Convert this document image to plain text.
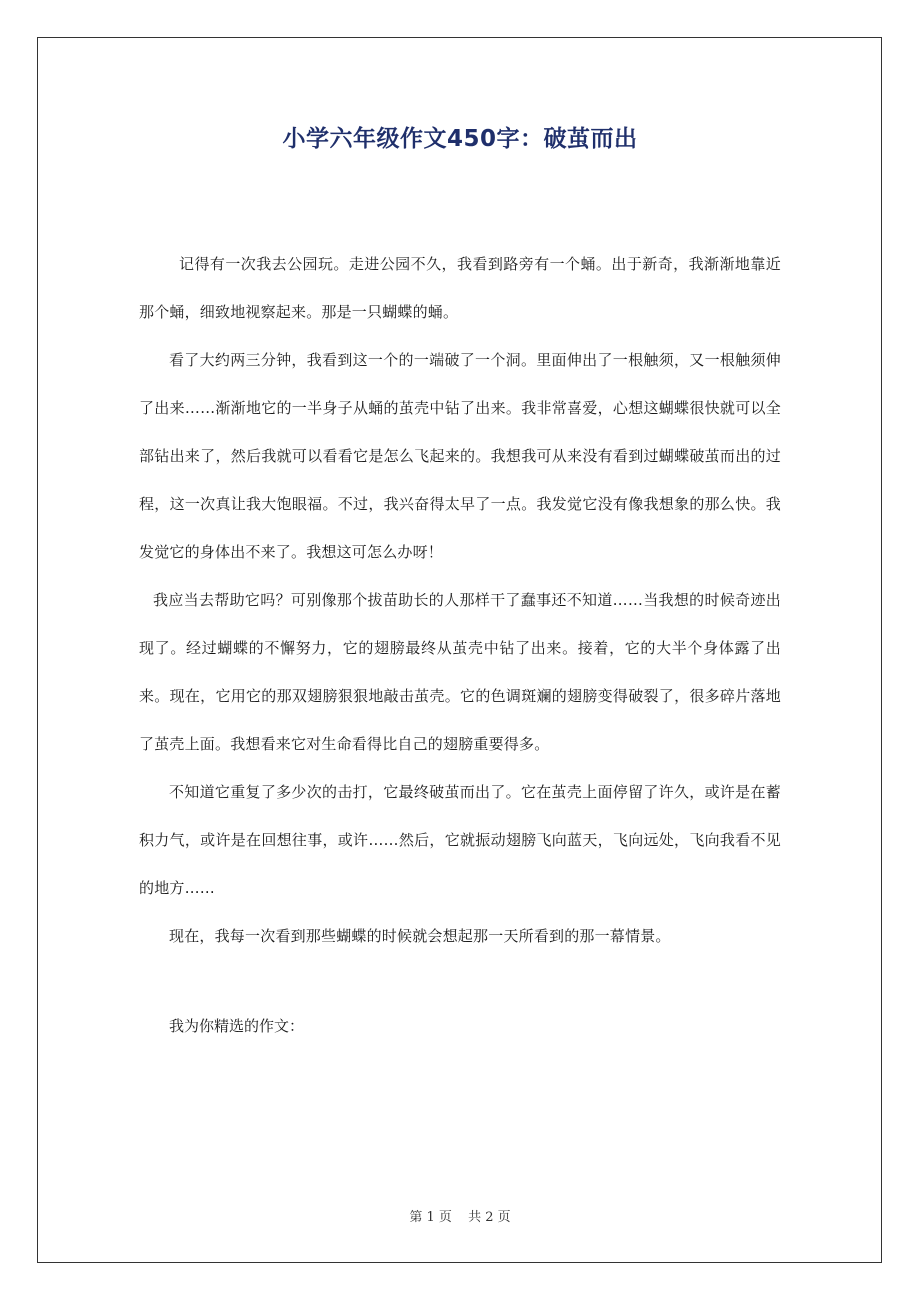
小学六年级作文450字：破茧而出

记得有一次我去公园玩。走进公园不久，我看到路旁有一个蛹。出于新奇，我渐渐地靠近那个蛹，细致地视察起来。那是一只蝴蝶的蛹。

看了大约两三分钟，我看到这一个的一端破了一个洞。里面伸出了一根触须，又一根触须伸了出来……渐渐地它的一半身子从蛹的茧壳中钻了出来。我非常喜爱，心想这蝴蝶很快就可以全部钻出来了，然后我就可以看看它是怎么飞起来的。我想我可从来没有看到过蝴蝶破茧而出的过程，这一次真让我大饱眼福。不过，我兴奋得太早了一点。我发觉它没有像我想象的那么快。我发觉它的身体出不来了。我想这可怎么办呀！

我应当去帮助它吗？可别像那个拔苗助长的人那样干了蠢事还不知道……当我想的时候奇迹出现了。经过蝴蝶的不懈努力，它的翅膀最终从茧壳中钻了出来。接着，它的大半个身体露了出来。现在，它用它的那双翅膀狠狠地敲击茧壳。它的色调斑斓的翅膀变得破裂了，很多碎片落地了茧壳上面。我想看来它对生命看得比自己的翅膀重要得多。

不知道它重复了多少次的击打，它最终破茧而出了。它在茧壳上面停留了许久，或许是在蓄积力气，或许是在回想往事，或许……然后，它就振动翅膀飞向蓝天，飞向远处，飞向我看不见的地方……

现在，我每一次看到那些蝴蝶的时候就会想起那一天所看到的那一幕情景。

我为你精选的作文：

第 1 页 共 2 页
